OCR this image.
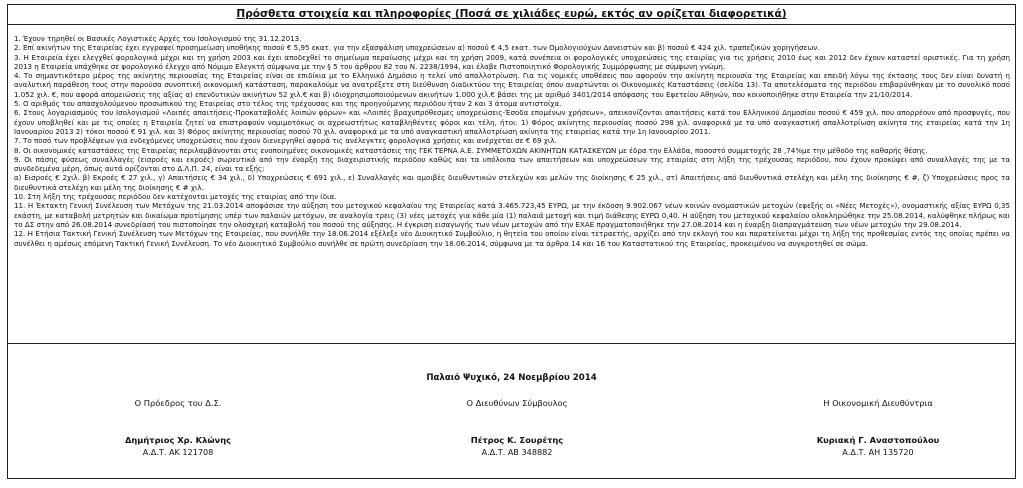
Πρόσθετα στοιχεία και πληροφορίες (Ποσά σε χιλιάδες ευρώ, εκτός αν ορίζεται διαφορετικά)

1. Έχουν τηρηθεί οι Βασικές Λογιστικές Αρχές του Ισολογισμού της 31.12.2013.

2. Επί ακινήτων της Εταιρείας έχει εγγραφεί προσημείωση υποθήκης ποσού € 5,95 εκατ. για την εξασφάλιση υποχρεώσεων α) ποσού € 4,5 εκατ. των Ομολογιούχων Δανειστών και β) ποσού € 424 χιλ. τραπεζικών χορηγήσεων.

3. Η Εταιρεία έχει ελεγχθεί φορολογικά μέχρι και τη χρήση 2003 και έχει αποδεχθεί το σημείωμα περαίωσης μέχρι και τη χρήση 2009, κατά συνέπεια οι φορολογικές υποχρεώσεις της εταιρίας για τις χρήσεις 2010 έως και 2012 δεν έχουν καταστεί οριστικές. Για τη χρήση 2013 η Εταιρεία υπάχθηκε σε φορολογικό έλεγχο από Νόμιμο Ελεγκτή σύμφωνα με την § 5 του άρθρου 82 του Ν. 2238/1994, και έλαβε Πιστοποιητικό Φορολογικής Συμμόρφωσης με σύμφωνη γνώμη.

4. Το σημαντικότερο μέρος της ακίνητης περιουσίας της Εταιρείας είναι σε επιδίκια με το Ελληνικό Δημόσιο η τελεί υπό απαλλοτρίωση. Για τις νομικές υποθέσεις που αφορούν την ακίνητη περιουσία της Εταιρείας και επειδή λόγω της έκτασης τους δεν είναι δυνατή η αναλυτική παράθεση τους στην παρούσα συνοπτική οικονομική κατάσταση, παρακαλούμε να ανατρέξετε στη διεύθυνση διαδικτύου της Εταιρείας όπου αναρτώνται οι Οικονομικές Καταστάσεις (σελίδα 13). Τα αποτελέσματα της περιόδου επιβαρύνθηκαν με το συνολικό ποσό 1.052 χιλ. €, που αφορά απομειώσεις της αξίας α) επενδυτικών ακινήτων 52 χιλ.€ και β) ιδιοχρησιμοποιούμενων ακινήτων 1.000 χιλ.€ βάσει της με αριθμό 3401/2014 απόφασης του Εφετείου Αθηνών, που κοινοποιήθηκε στην Εταιρεία την 21/10/2014.

5. Ο αριθμός του απασχολούμενου προσωπικού της Εταιρείας στο τέλος της τρέχουσας και της προηγούμενης περιόδου ήταν 2 και 3 άτομα αντιστοίχα.

6. Στους λογαριασμούς του Ισολογισμού «Λοιπές απαιτήσεις-Προκαταβολές λοιπών φόρων» και «Λοιπές βραχυπρόθεσμες υποχρεώσεις-Έσοδα επομένων χρήσεων», απεικονίζονται απαιτήσεις κατά του Ελληνικού Δημοσίου ποσού € 459 χιλ. που απορρέουν από προσφυγές, που έχουν υποβληθεί και με τις οποίες η Εταιρεία ζητεί να επιστραφούν νομιμοτόκως οι αχρεωστήτως καταβληθέντες φόροι και τέλη, ήτοι: 1) Φόρος ακίνητης περιουσίας ποσού 298 χιλ. αναφορικά με τα υπό αναγκαστική απαλλοτρίωση ακίνητα της εταιρείας κατά την 1η Ιανουαρίου 2013 2) τόκοι ποσού € 91 χιλ. και 3) Φόρος ακίνητης περιουσίας ποσού 70 χιλ. αναφορικά με τα υπό αναγκαστική απαλλοτρίωση ακίνητα της εταιρείας κατά την 1η Ιανουαρίου 2011.

7. Το ποσό των προβλέψεων για ενδεχόμενες υποχρεώσεις που έχουν διενεργηθεί αφορά τις ανέλεγκτες φορολογικά χρήσεις και ανέρχεται σε € 69 χιλ.

8. Οι οικονομικές καταστάσεις της Εταιρείας περιλαμβάνονται στις ενοποιημένες οικονομικές καταστάσεις της ΓΕΚ ΤΕΡΝΑ Α.Ε. ΣΥΜΜΕΤΟΧΩΝ ΑΚΙΝΗΤΩΝ ΚΑΤΑΣΚΕΥΩΝ με έδρα την Ελλάδα, ποσοστό συμμετοχής 28 ,74%με την μέθοδο της καθαρής θέσης.

9. Οι πάσης φύσεως συναλλαγές (εισροές και εκροές) σωρευτικά από την έναρξη της διαχειριστικής περιόδου καθώς και τα υπόλοιπα των απαιτήσεων και υποχρεώσεων της εταιρίας στη λήξη της τρέχουσας περιόδου, που έχουν προκύψει από συναλλαγές της με τα συνδεδεμένα μέρη, όπως αυτά ορίζονται στο Δ.Λ.Π. 24, είναι τα εξής:

α) Εισροές € 2χιλ. β) Εκροές € 27 χιλ., γ) Απαιτήσεις € 34 χιλ., δ) Υποχρεώσεις € 691 χιλ., ε) Συναλλαγές και αμοιβές διευθυντικών στελεχών και μελών της διοίκησης € 25 χιλ., στ) Απαιτήσεις από διευθυντικά στελέχη και μέλη της διοίκησης € #, ζ) Υποχρεώσεις προς τα διευθυντικά στελέχη και μέλη της διοίκησης € # χιλ.

10. Στη λήξη της τρέχουσας περιόδου δεν κατέχονται μετοχές της εταιρίας από την ίδια.

11. Η Έκτακτη Γενική Συνέλευση των Μετόχων της 21.03.2014 αποφάσισε την αύξηση του μετοχικού κεφαλαίου της Εταιρείας κατά 3.465.723,45 ΕΥΡΩ, με την έκδοση 9.902.067 νέων κοινών ονομαστικών μετοχών (εφεξής οι «Νέες Μετοχές»), ονομαστικής αξίας ΕΥΡΩ 0,35 εκάστη, με καταβολή μετρητών και δικαίωμα προτίμησης υπέρ των παλαιών μετόχων, σε αναλογία τρεις (3) νέες μετοχές για κάθε μία (1) παλαιά μετοχή και τιμή διάθεσης ΕΥΡΩ 0,40. Η αύξηση του μετοχικού κεφαλαίου ολοκληρώθηκε την 25.08.2014, καλύφθηκε πλήρως και το ΔΣ στην από 26.08.2014 συνεδρίασή του πιστοποίησε την ολοσχερή καταβολή του ποσού της αύξησης. Η έγκριση εισαγωγής των νέων μετοχών από την ΕΧΑΕ πραγματοποιήθηκε την 27.08.2014 και η έναρξη διαπραγμάτευση των νέων μετοχών την 29.08.2014.

12. Η Ετήσια Τακτική Γενική Συνέλευση των Μετόχων της Εταιρείας, που συνήλθε την 18.06.2014 εξέλεξε νέο Διοικητικό Συμβούλιο, η θητεία του οποίου είναι τετραετής, αρχίζει από την εκλογή του και παρατείνεται μέχρι τη λήξη της προθεσμίας εντός της οποίας πρέπει να συνέλθει η αμέσως επόμενη Τακτική Γενική Συνέλευση. Το νέο Διοικητικό Συμβούλιο συνήλθε σε πρώτη συνεδρίαση την 18.06.2014, σύμφωνα με τα άρθρα 14 και 16 του Καταστατικού της Εταιρείας, προκειμένου να συγκροτηθεί σε σώμα.

Παλαιό Ψυχικό, 24 Νοεμβρίου 2014
Ο Πρόεδρος του Δ.Σ.	Ο Διευθύνων Σύμβουλος	Η Οικονομική Διευθύντρια
Δημήτριος Χρ. Κλώνης	Πέτρος Κ. Σουρέτης	Κυριακή Γ. Αναστοπούλου
Α.Δ.Τ. ΑΚ 121708	Α.Δ.Τ. ΑΒ 348882	Α.Δ.Τ. ΑΗ 135720
